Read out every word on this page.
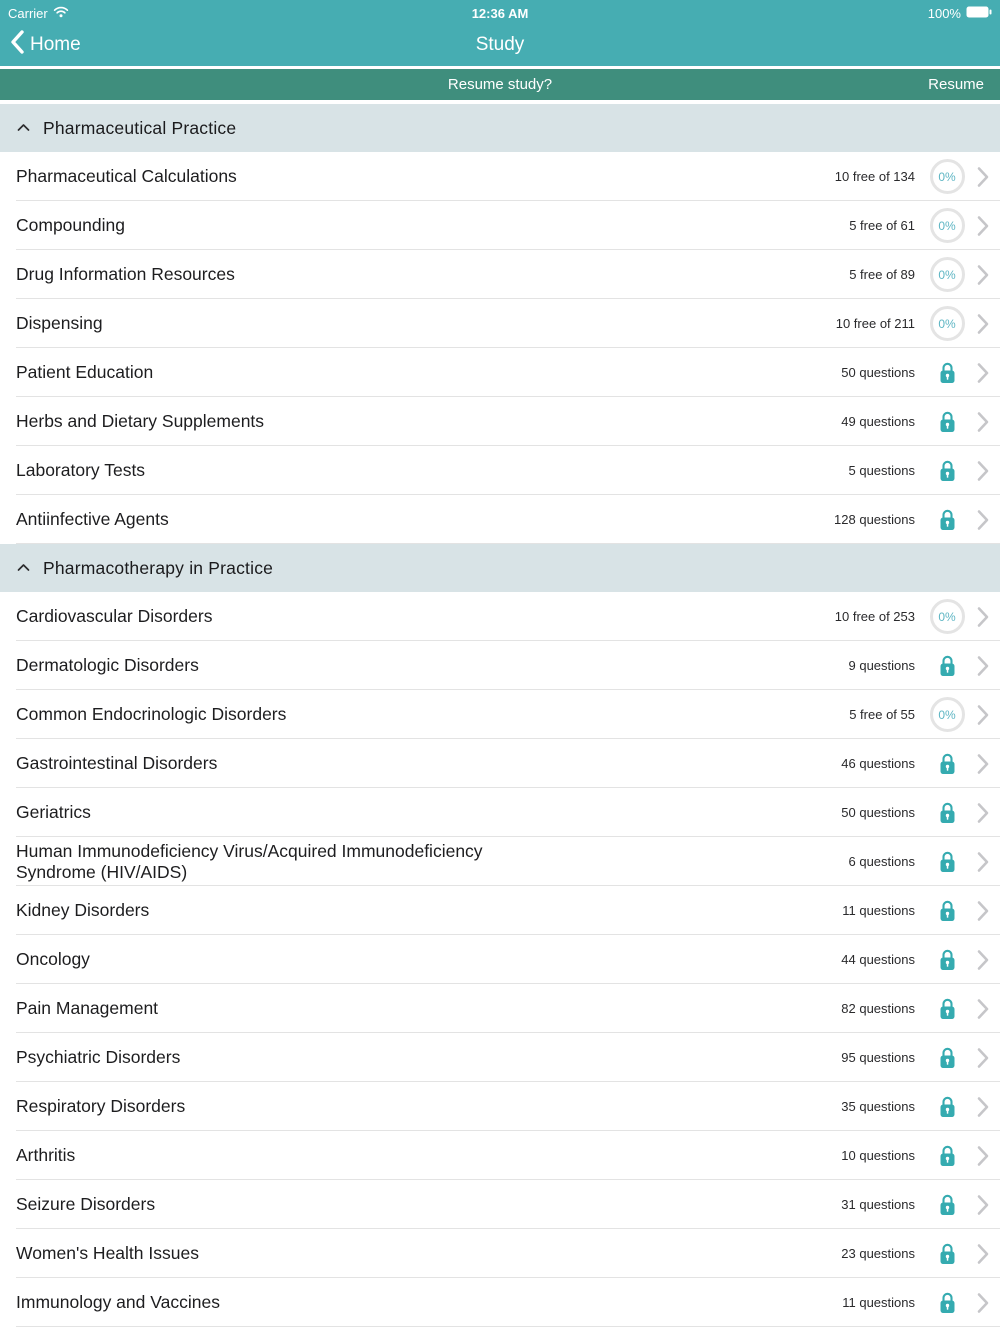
Carrier	12:36 AM	100%
Home	Study
Resume study?	Resume
Pharmaceutical Practice
Pharmaceutical Calculations	10 free of 134 0%
Compounding	5 free of 61 0%
Drug Information Resources	5 free of 89 0%
Dispensing	10 free of 211 0%
Patient Education	50 questions
Herbs and Dietary Supplements	49 questions
Laboratory Tests	5 questions
Antiinfective Agents	128 questions
Pharmacotherapy in Practice
Cardiovascular Disorders	10 free of 253 0%
Dermatologic Disorders	9 questions
Common Endocrinologic Disorders	5 free of 55 0%
Gastrointestinal Disorders	46 questions
Geriatrics	50 questions
Human Immunodeficiency Virus/Acquired Immunodeficiency Syndrome (HIV/AIDS)	6 questions
Kidney Disorders	11 questions
Oncology	44 questions
Pain Management	82 questions
Psychiatric Disorders	95 questions
Respiratory Disorders	35 questions
Arthritis	10 questions
Seizure Disorders	31 questions
Women's Health Issues	23 questions
Immunology and Vaccines	11 questions
